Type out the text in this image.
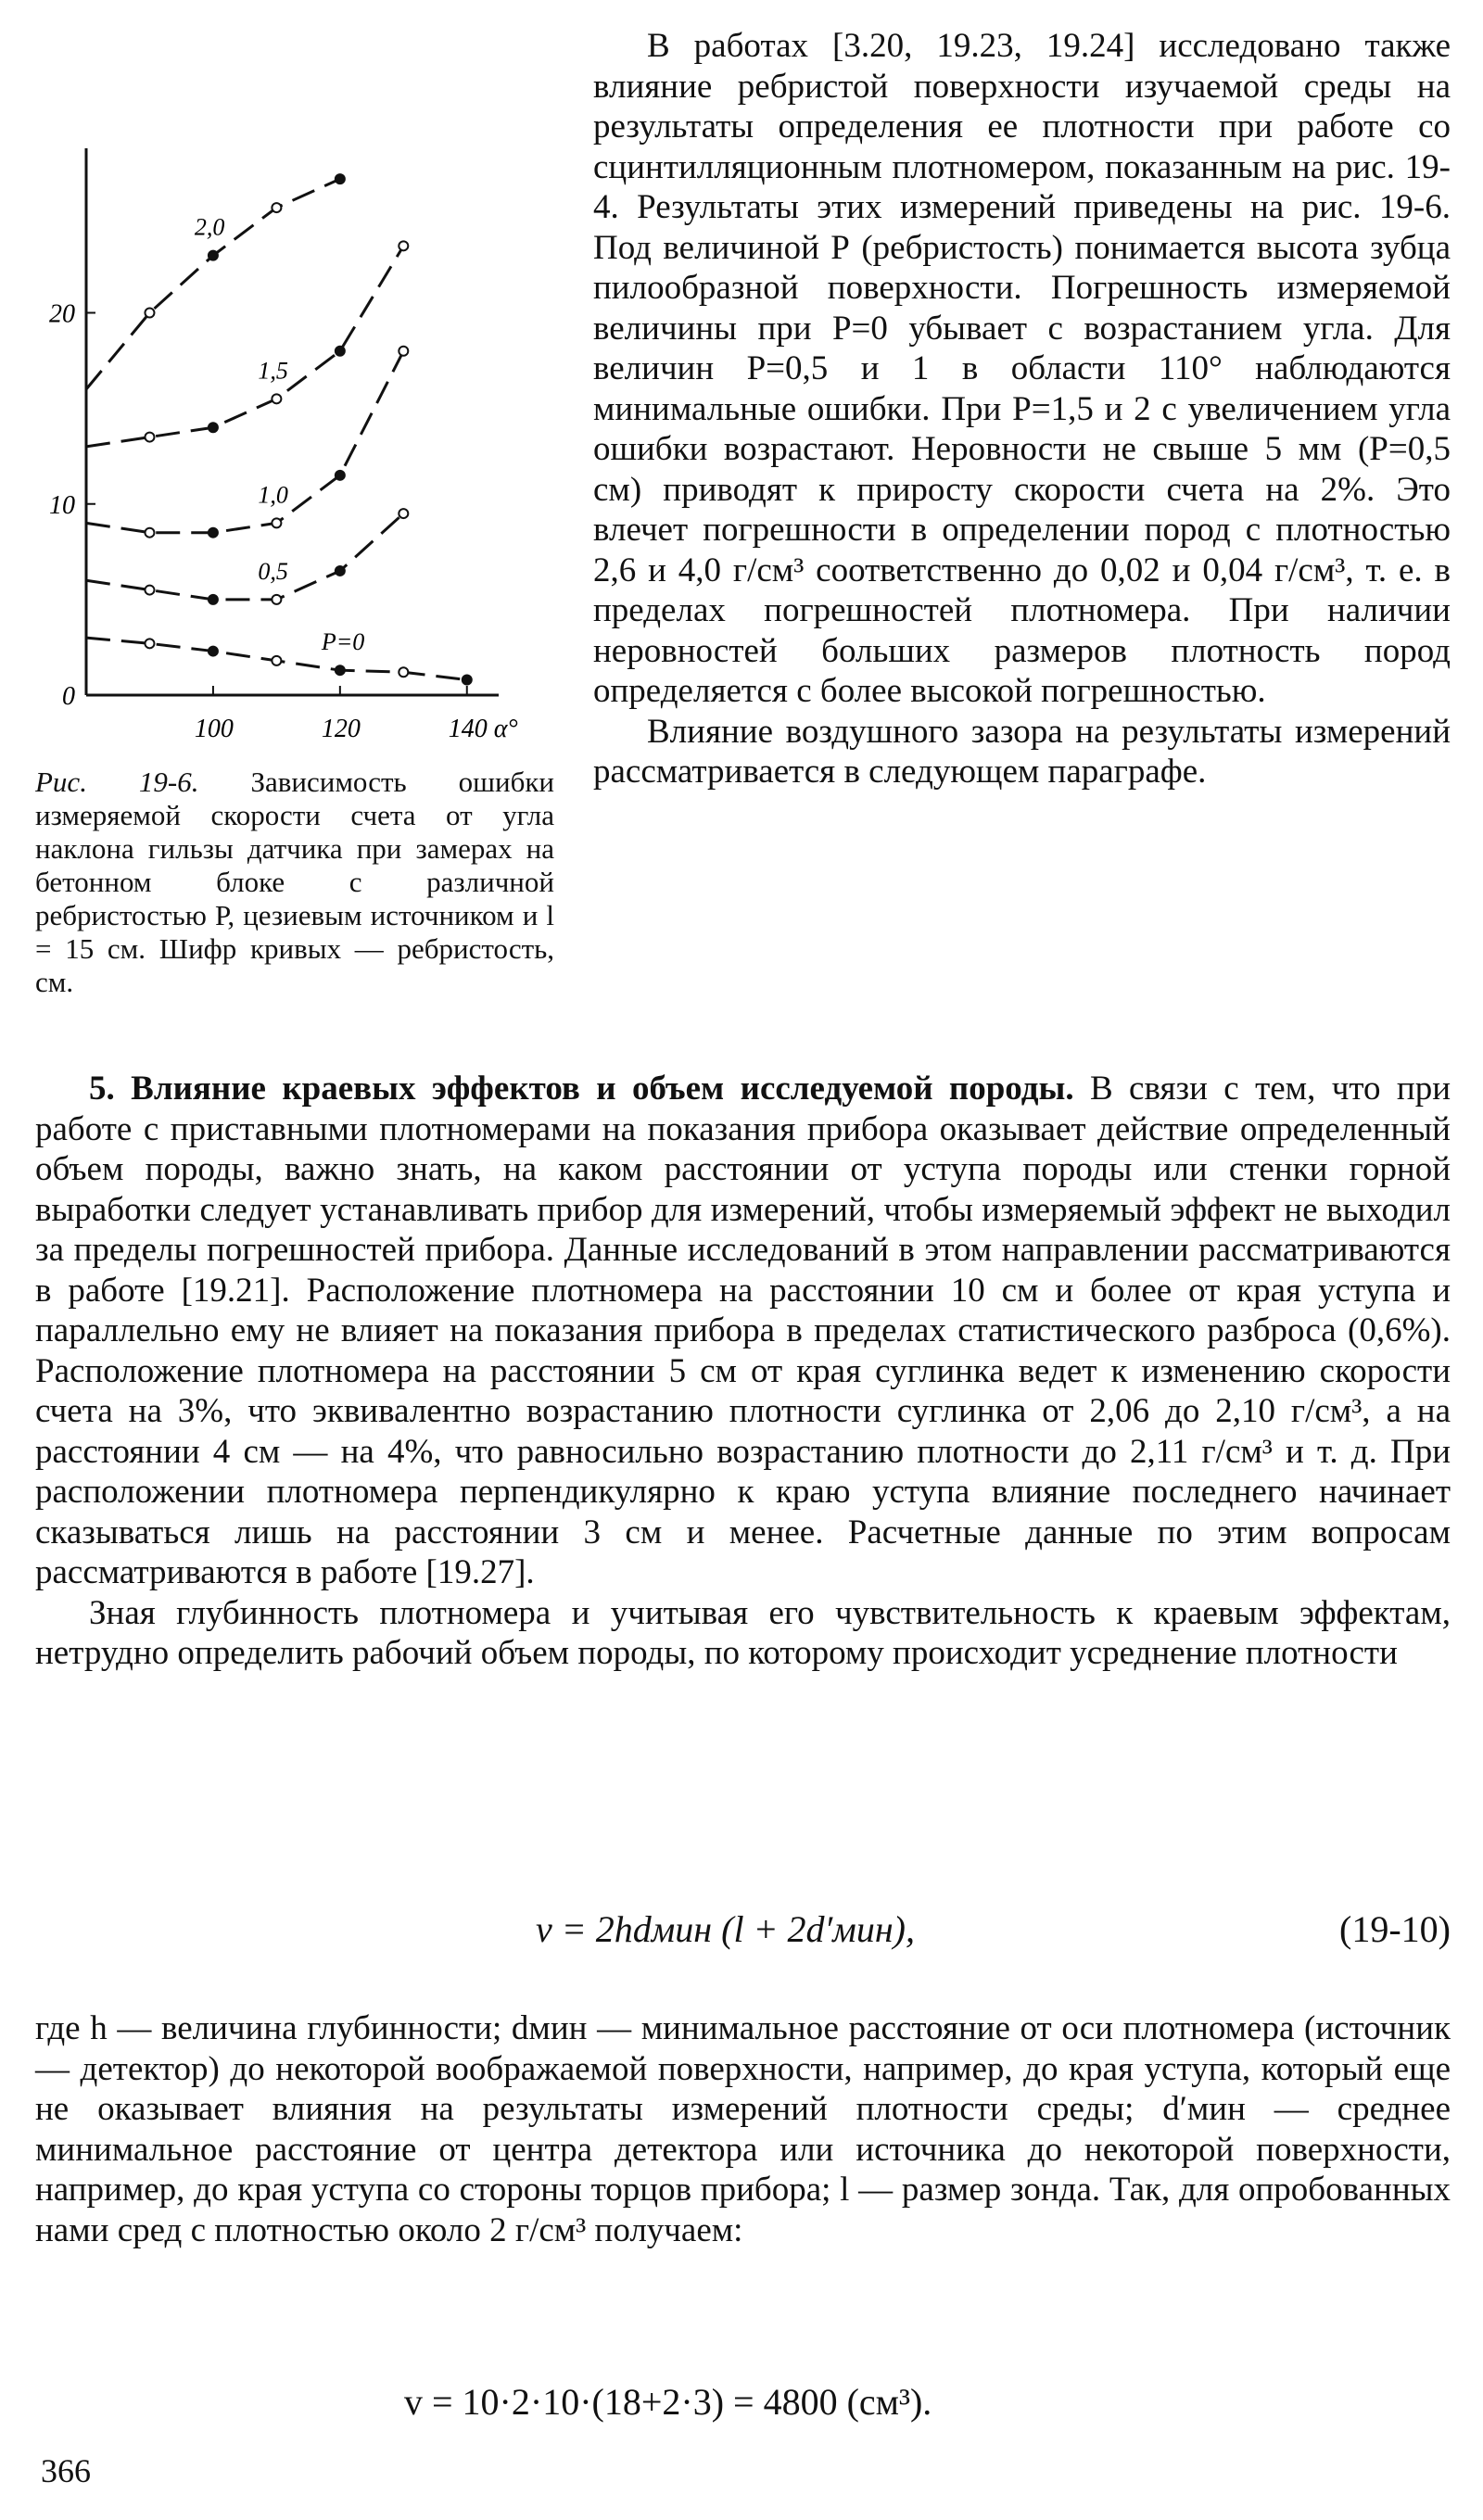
100	120	140 α°
0
10
20
2,0
1,5
1,0
0,5
P=0
Рис. 19-6. Зависимость ошибки измеряемой скорости счета от угла наклона гильзы датчика при замерах на бетонном блоке с различной ребристостью Р, цезиевым источником и l = 15 см. Шифр кривых — ребристость, см.

В работах [3.20, 19.23, 19.24] исследовано также влияние ребристой поверхности изучаемой среды на результаты определения ее плотности при работе со сцинтилляционным плотномером, показанным на рис. 19-4. Результаты этих измерений приведены на рис. 19-6. Под величиной Р (ребристость) понимается высота зубца пилообразной поверхности. Погрешность измеряемой величины при Р=0 убывает с возрастанием угла. Для величин Р=0,5 и 1 в области 110° наблюдаются минимальные ошибки. При Р=1,5 и 2 с увеличением угла ошибки возрастают. Неровности не свыше 5 мм (Р=0,5 см) приводят к приросту скорости счета на 2%. Это влечет погрешности в определении пород с плотностью 2,6 и 4,0 г/см³ соответственно до 0,02 и 0,04 г/см³, т. е. в пределах погрешностей плотномера. При наличии неровностей больших размеров плотность пород определяется с более высокой погрешностью.

Влияние воздушного зазора на результаты измерений рассматривается в следующем параграфе.

5. Влияние краевых эффектов и объем исследуемой породы. В связи с тем, что при работе с приставными плотномерами на показания прибора оказывает действие определенный объем породы, важно знать, на каком расстоянии от уступа породы или стенки горной выработки следует устанавливать прибор для измерений, чтобы измеряемый эффект не выходил за пределы погрешностей прибора. Данные исследований в этом направлении рассматриваются в работе [19.21]. Расположение плотномера на расстоянии 10 см и более от края уступа и параллельно ему не влияет на показания прибора в пределах статистического разброса (0,6%). Расположение плотномера на расстоянии 5 см от края суглинка ведет к изменению скорости счета на 3%, что эквивалентно возрастанию плотности суглинка от 2,06 до 2,10 г/см³, а на расстоянии 4 см — на 4%, что равносильно возрастанию плотности до 2,11 г/см³ и т. д. При расположении плотномера перпендикулярно к краю уступа влияние последнего начинает сказываться лишь на расстоянии 3 см и менее. Расчетные данные по этим вопросам рассматриваются в работе [19.27].

Зная глубинность плотномера и учитывая его чувствительность к краевым эффектам, нетрудно определить рабочий объем породы, по которому происходит усреднение плотности

v = 2hdмин (l + 2d′мин),	(19-10)

где h — величина глубинности; dмин — минимальное расстояние от оси плотномера (источник — детектор) до некоторой воображаемой поверхности, например, до края уступа, который еще не оказывает влияния на результаты измерений плотности среды; d′мин — среднее минимальное расстояние от центра детектора или источника до некоторой поверхности, например, до края уступа со стороны торцов прибора; l — размер зонда. Так, для опробованных нами сред с плотностью около 2 г/см³ получаем:

v = 10·2·10·(18+2·3) = 4800 (см³).
366
